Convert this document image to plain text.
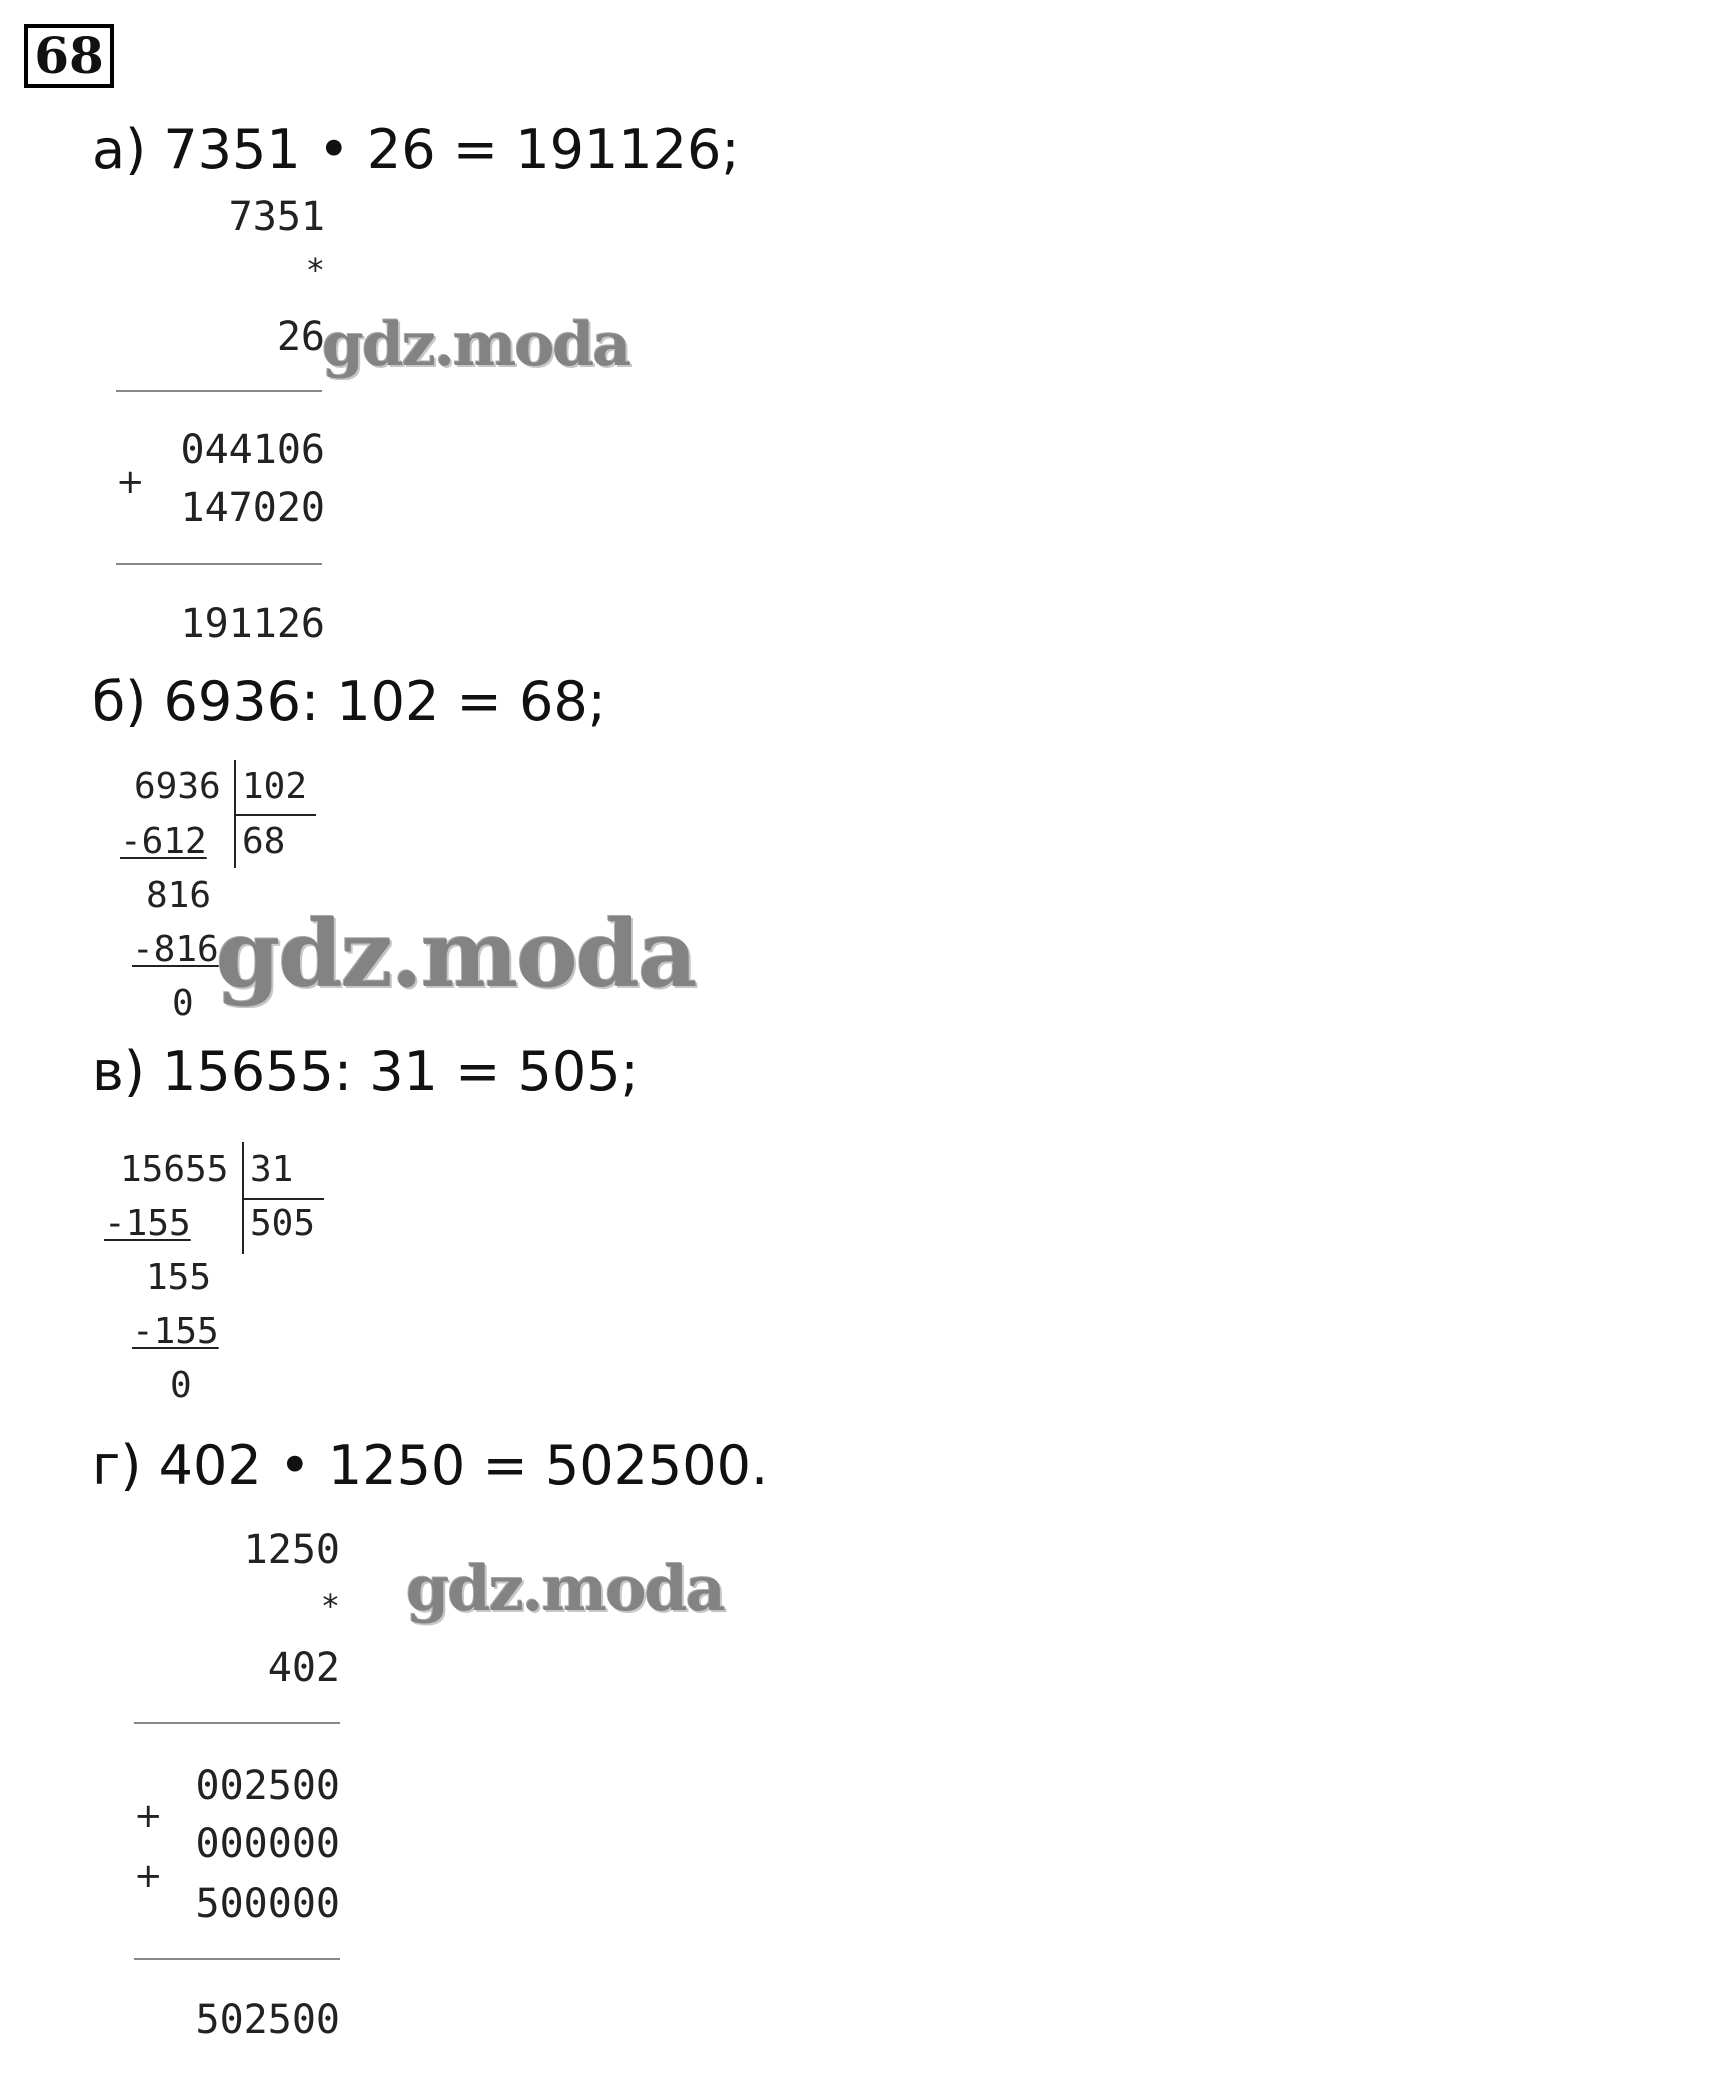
68
а) 7351 • 26 = 191126;
7351
*
26
044106
+
147020
191126
gdz.moda
б) 6936: 102 = 68;
6936 102
-612 68
816
-816
0 gdz.moda
в) 15655: 31 = 505;
15655 31
-155 505
155
-155
0
г) 402 • 1250 = 502500.
1250
*
402
002500
+
000000
+
500000
502500
gdz.moda
